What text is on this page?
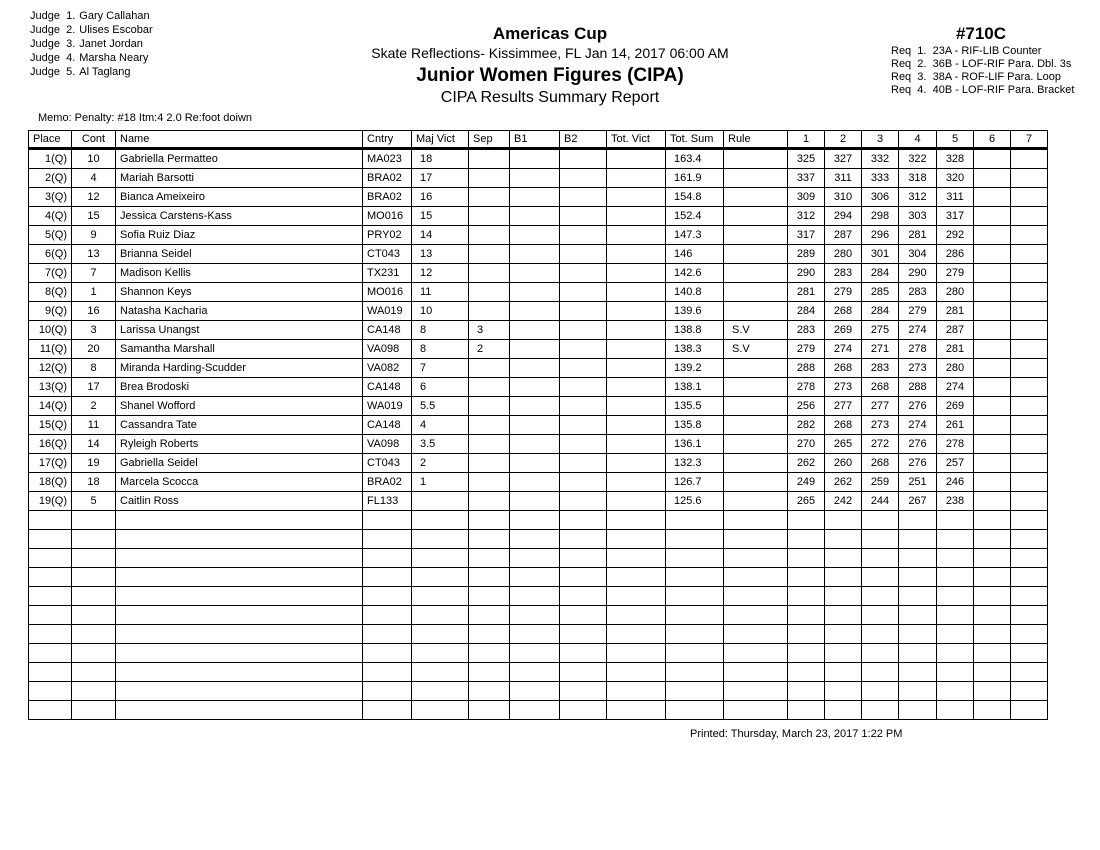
Judge  1. Gary Callahan
Judge  2. Ulises Escobar
Judge  3. Janet Jordan
Judge  4. Marsha Neary
Judge  5. Al Taglang
Americas Cup
Skate Reflections- Kissimmee, FL Jan 14, 2017 06:00 AM
Junior Women Figures (CIPA)
CIPA Results Summary Report
#710C
Req  1.  23A - RIF-LIB Counter
Req  2.  36B - LOF-RIF Para. Dbl. 3s
Req  3.  38A - ROF-LIF Para. Loop
Req  4.  40B - LOF-RIF Para. Bracket
Memo: Penalty: #18 Itm:4 2.0 Re:foot doiwn
Place	Cont	Name	Cntry	Maj Vict	Sep	B1	B2	Tot. Vict	Tot. Sum	Rule	1	2	3	4	5	6	7
1(Q)	10	Gabriella Permatteo	MA023	18					163.4		325	327	332	322	328		
2(Q)	4	Mariah Barsotti	BRA02	17					161.9		337	311	333	318	320		
3(Q)	12	Bianca Ameixeiro	BRA02	16					154.8		309	310	306	312	311		
4(Q)	15	Jessica Carstens-Kass	MO016	15					152.4		312	294	298	303	317		
5(Q)	9	Sofia Ruiz Diaz	PRY02	14					147.3		317	287	296	281	292		
6(Q)	13	Brianna Seidel	CT043	13					146		289	280	301	304	286		
7(Q)	7	Madison Kellis	TX231	12					142.6		290	283	284	290	279		
8(Q)	1	Shannon Keys	MO016	11					140.8		281	279	285	283	280		
9(Q)	16	Natasha Kacharia	WA019	10					139.6		284	268	284	279	281		
10(Q)	3	Larissa Unangst	CA148	8	3				138.8	S.V	283	269	275	274	287		
11(Q)	20	Samantha Marshall	VA098	8	2				138.3	S.V	279	274	271	278	281		
12(Q)	8	Miranda Harding-Scudder	VA082	7					139.2		288	268	283	273	280		
13(Q)	17	Brea Brodoski	CA148	6					138.1		278	273	268	288	274		
14(Q)	2	Shanel Wofford	WA019	5.5					135.5		256	277	277	276	269		
15(Q)	11	Cassandra Tate	CA148	4					135.8		282	268	273	274	261		
16(Q)	14	Ryleigh Roberts	VA098	3.5					136.1		270	265	272	276	278		
17(Q)	19	Gabriella Seidel	CT043	2					132.3		262	260	268	276	257		
18(Q)	18	Marcela Scocca	BRA02	1					126.7		249	262	259	251	246		
19(Q)	5	Caitlin Ross	FL133						125.6		265	242	244	267	238		

Printed: Thursday, March 23, 2017 1:22 PM
